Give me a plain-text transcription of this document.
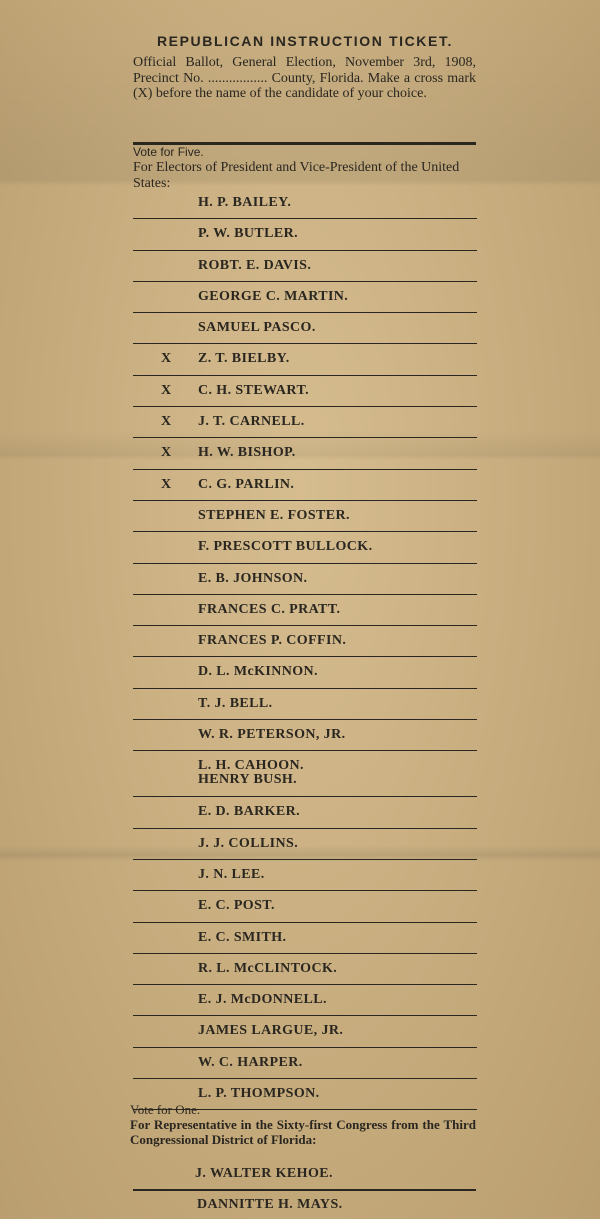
REPUBLICAN INSTRUCTION TICKET.

Official Ballot, General Election, November 3rd, 1908, Precinct No. ................. County, Florida. Make a cross mark (X) before the name of the candidate of your choice.

Vote for Five.
For Electors of President and Vice-President of the United States:
H. P. BAILEY.
P. W. BUTLER.
ROBT. E. DAVIS.
GEORGE C. MARTIN.
SAMUEL PASCO.
X Z. T. BIELBY.
X C. H. STEWART.
X J. T. CARNELL.
X H. W. BISHOP.
X C. G. PARLIN.
STEPHEN E. FOSTER.
F. PRESCOTT BULLOCK.
E. B. JOHNSON.
FRANCES C. PRATT.
FRANCES P. COFFIN.
D. L. McKINNON.
T. J. BELL.
W. R. PETERSON, JR.
L. H. CAHOON.
HENRY BUSH.
E. D. BARKER.
J. J. COLLINS.
J. N. LEE.
E. C. POST.
E. C. SMITH.
R. L. McCLINTOCK.
E. J. McDONNELL.
JAMES LARGUE, JR.
W. C. HARPER.
L. P. THOMPSON.
Vote for One.
For Representative in the Sixty-first Congress from the Third Congressional District of Florida:
J. WALTER KEHOE.
DANNITTE H. MAYS.
